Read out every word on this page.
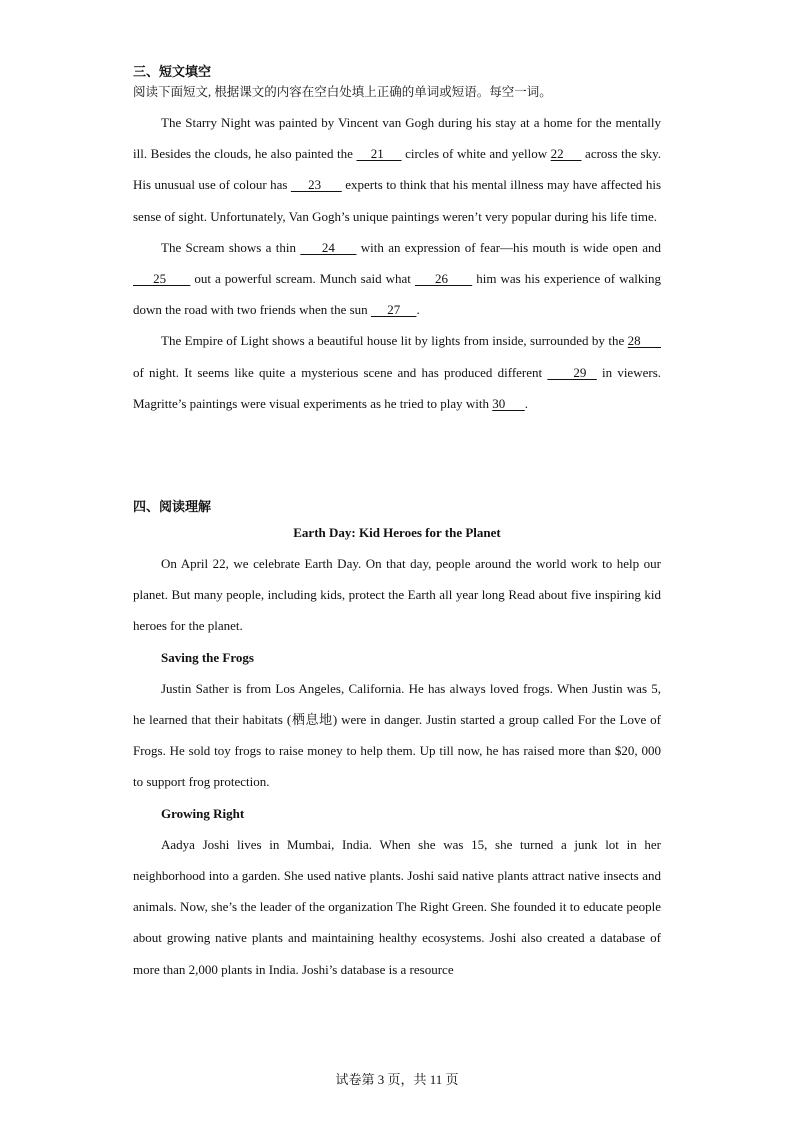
三、短文填空
阅读下面短文, 根据课文的内容在空白处填上正确的单词或短语。每空一词。

The Starry Night was painted by Vincent van Gogh during his stay at a home for the mentally ill. Besides the clouds, he also painted the     21      circles of white and yellow 22      across the sky. His unusual use of colour has      23       experts to think that his mental illness may have affected his sense of sight. Unfortunately, Van Gogh’s unique paintings weren’t very popular during his life time.

The Scream shows a thin      24      with an expression of fear—his mouth is wide open and      25       out a powerful scream. Munch said what      26       him was his experience of walking down the road with two friends when the sun      27     .

The Empire of Light shows a beautiful house lit by lights from inside, surrounded by the 28       of night. It seems like quite a mysterious scene and has produced different      29   in viewers. Magritte’s paintings were visual experiments as he tried to play with 30      .

四、阅读理解
Earth Day: Kid Heroes for the Planet

On April 22, we celebrate Earth Day. On that day, people around the world work to help our planet. But many people, including kids, protect the Earth all year long Read about five inspiring kid heroes for the planet.

Saving the Frogs

Justin Sather is from Los Angeles, California. He has always loved frogs. When Justin was 5, he learned that their habitats (栖息地) were in danger. Justin started a group called For the Love of Frogs. He sold toy frogs to raise money to help them. Up till now, he has raised more than $20, 000 to support frog protection.

Growing Right

Aadya Joshi lives in Mumbai, India. When she was 15, she turned a junk lot in her neighborhood into a garden. She used native plants. Joshi said native plants attract native insects and animals. Now, she’s the leader of the organization The Right Green. She founded it to educate people about growing native plants and maintaining healthy ecosystems. Joshi also created a database of more than 2,000 plants in India. Joshi’s database is a resource

试卷第 3 页，共 11 页
